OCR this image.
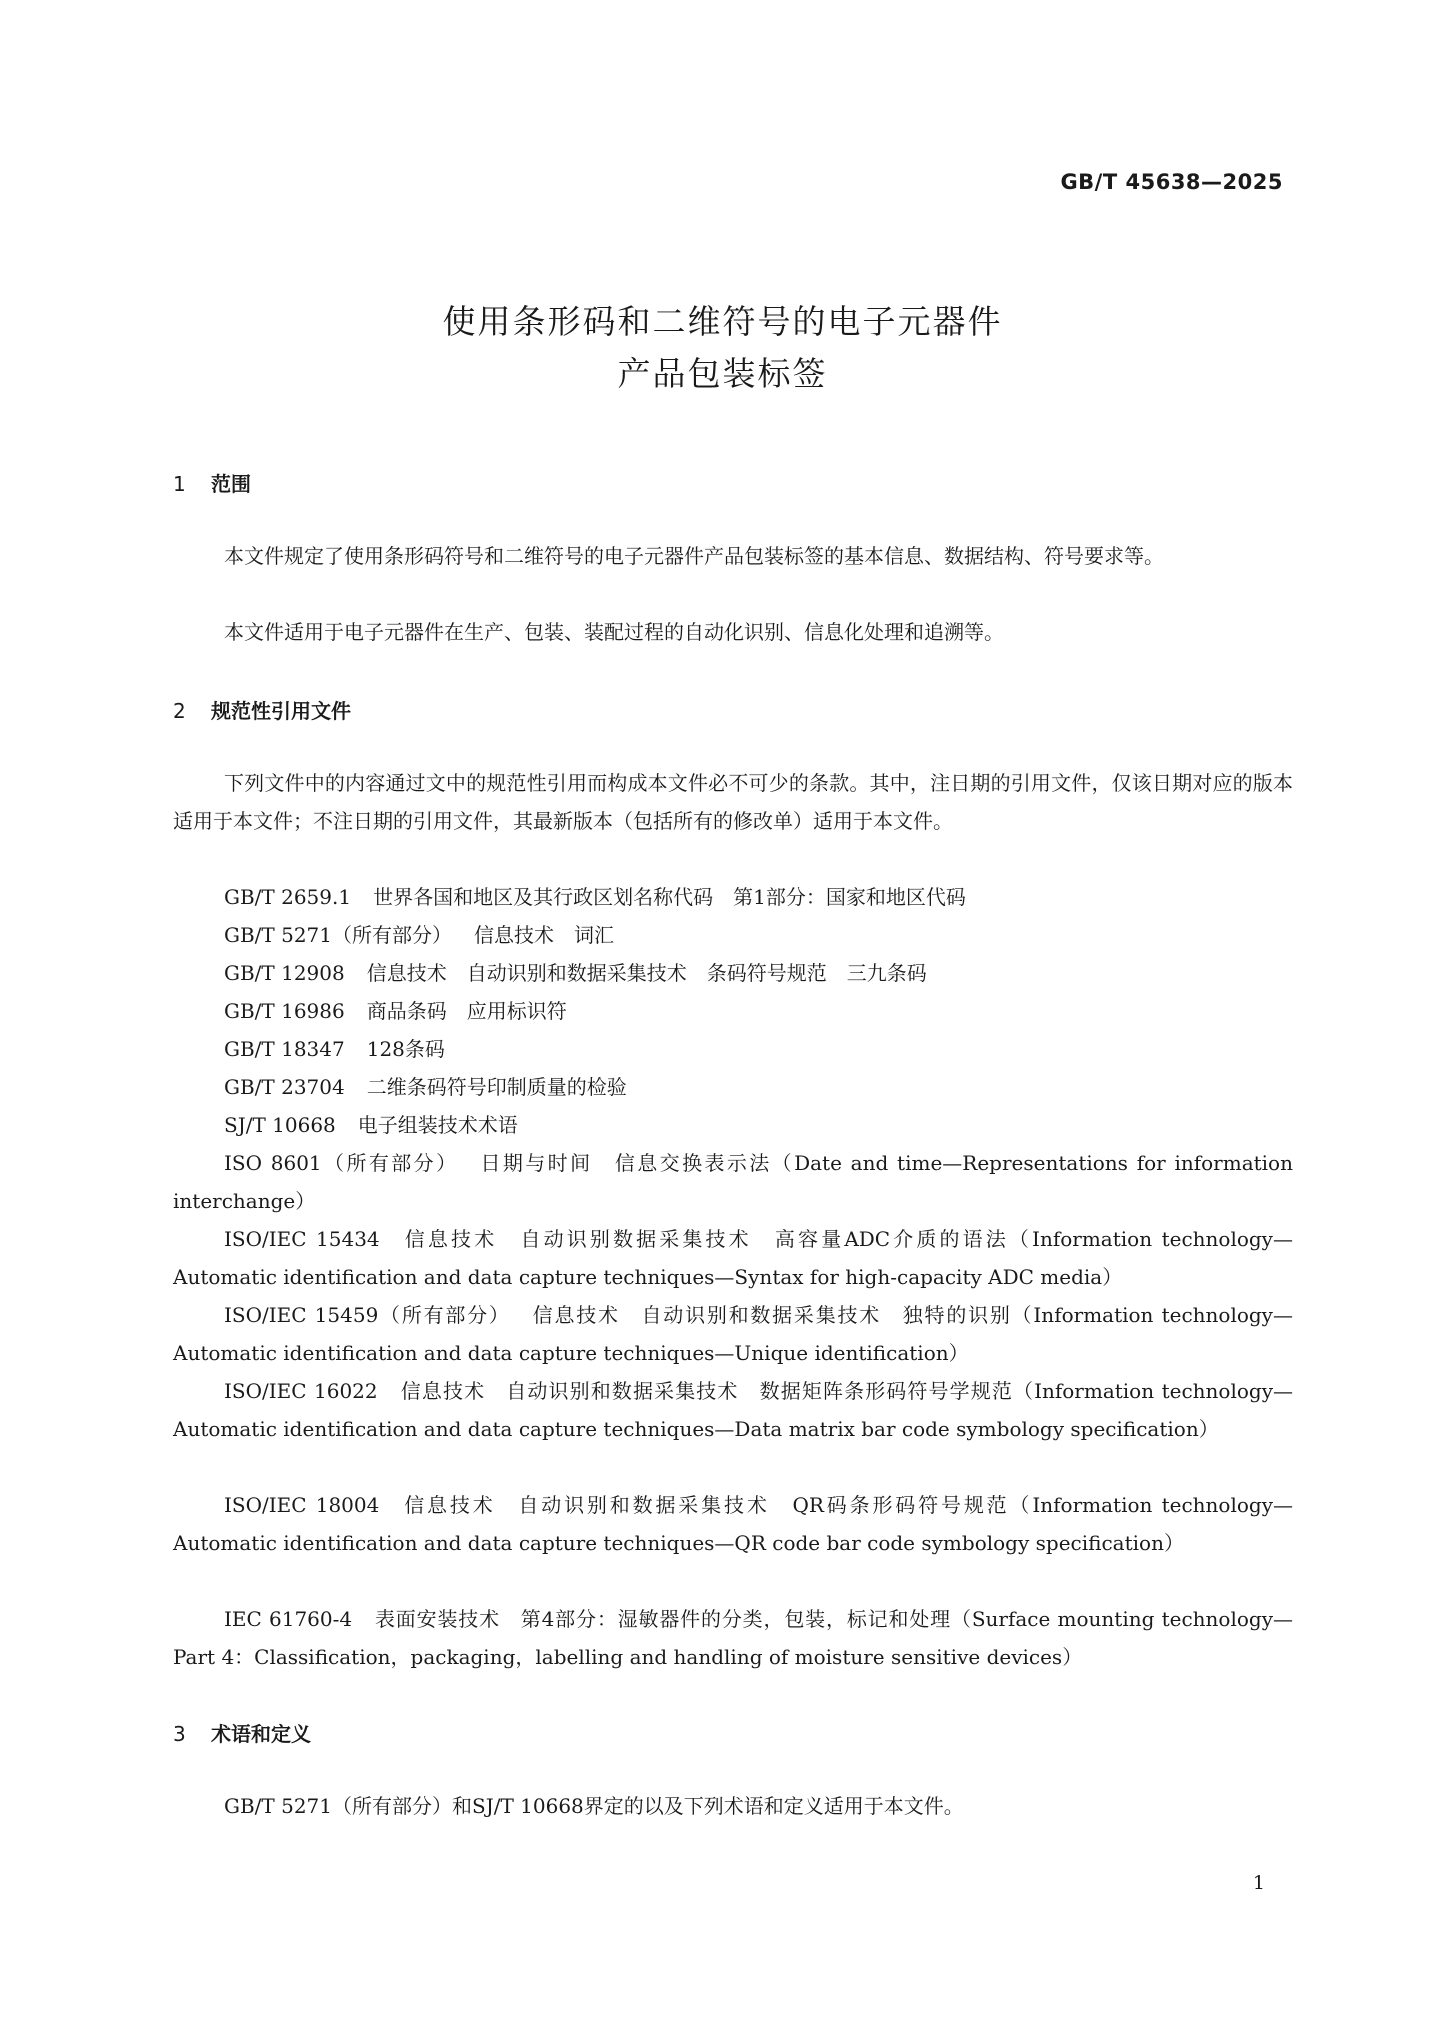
GB/T 45638—2025
使用条形码和二维符号的电子元器件
产品包装标签
1 范围
本文件规定了使用条形码符号和二维符号的电子元器件产品包装标签的基本信息、数据结构、符号要求等。
本文件适用于电子元器件在生产、包装、装配过程的自动化识别、信息化处理和追溯等。
2 规范性引用文件
下列文件中的内容通过文中的规范性引用而构成本文件必不可少的条款。其中，注日期的引用文件，仅该日期对应的版本适用于本文件；不注日期的引用文件，其最新版本（包括所有的修改单）适用于本文件。
GB/T 2659.1 世界各国和地区及其行政区划名称代码　第1部分：国家和地区代码
GB/T 5271（所有部分） 信息技术　词汇
GB/T 12908 信息技术　自动识别和数据采集技术　条码符号规范　三九条码
GB/T 16986 商品条码　应用标识符
GB/T 18347 128条码
GB/T 23704 二维条码符号印制质量的检验
SJ/T 10668 电子组装技术术语
ISO 8601（所有部分） 日期与时间　信息交换表示法（Date and time—Representations for information interchange）
ISO/IEC 15434 信息技术　自动识别数据采集技术　高容量ADC介质的语法（Information technology—Automatic identification and data capture techniques—Syntax for high-capacity ADC media）
ISO/IEC 15459（所有部分） 信息技术　自动识别和数据采集技术　独特的识别（Information technology—Automatic identification and data capture techniques—Unique identification）
ISO/IEC 16022 信息技术　自动识别和数据采集技术　数据矩阵条形码符号学规范（Information technology—Automatic identification and data capture techniques—Data matrix bar code symbology specification）
ISO/IEC 18004 信息技术　自动识别和数据采集技术　QR码条形码符号规范（Information technology—Automatic identification and data capture techniques—QR code bar code symbology specification）
IEC 61760-4 表面安装技术　第4部分：湿敏器件的分类，包装，标记和处理（Surface mounting technology—Part 4：Classification，packaging，labelling and handling of moisture sensitive devices）
3 术语和定义
GB/T 5271（所有部分）和SJ/T 10668界定的以及下列术语和定义适用于本文件。
1
